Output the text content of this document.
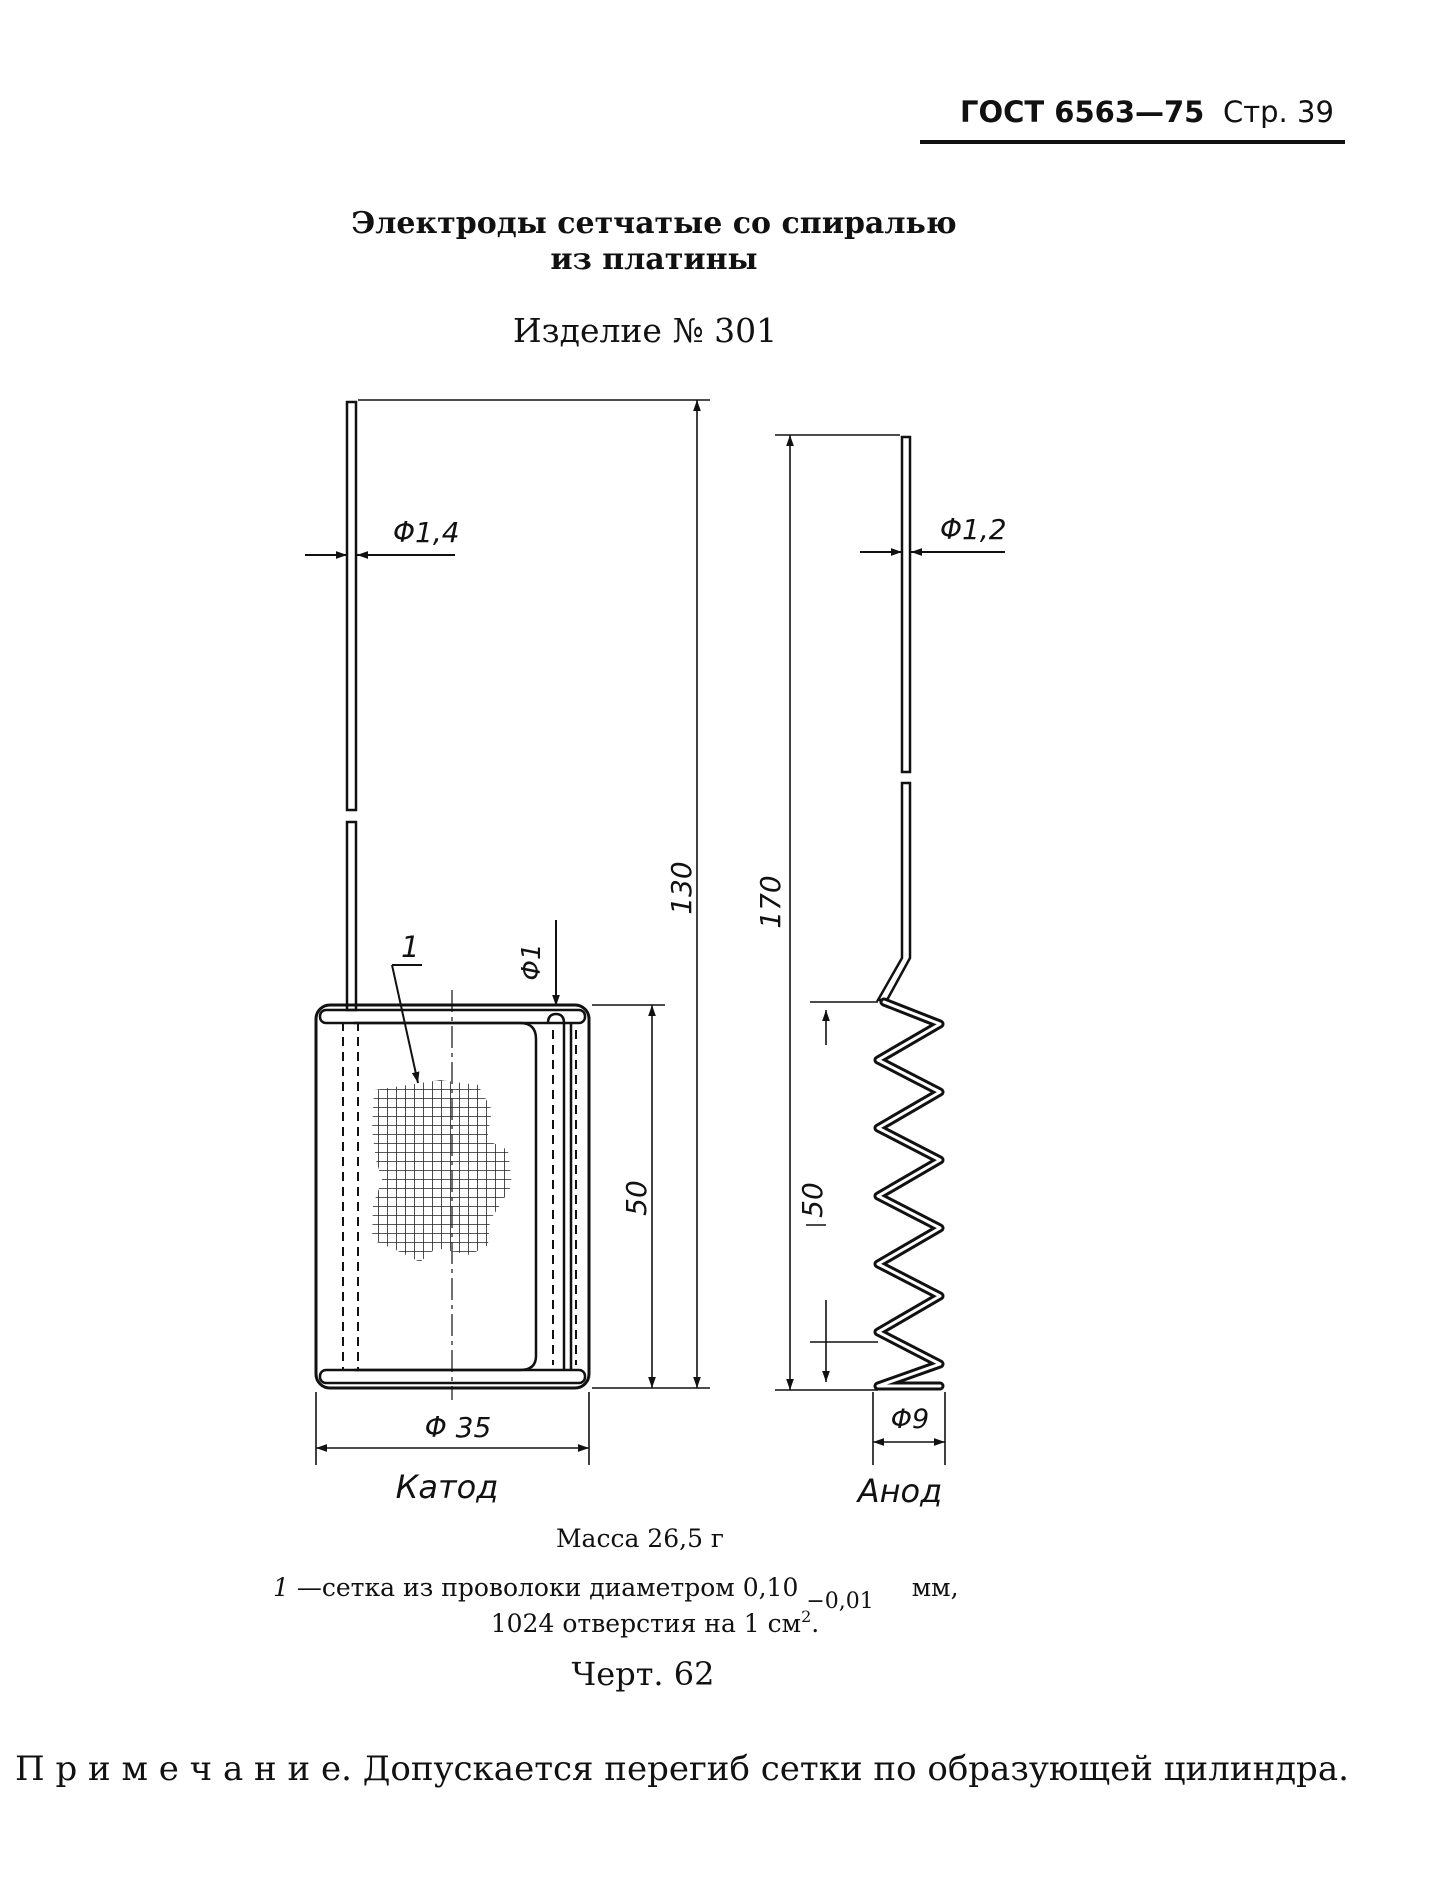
ГОСТ 6563—75 Стр. 39
Электроды сетчатые со спиралью
из платины
Изделие № 301
Φ1,4
1	Φ1
130
50
Φ 35
Катод
Φ1,2
170
50
Φ9
Анод
Масса 26,5 г
1 —сетка из проволоки диаметром 0,10 −0,01 мм,
1024 отверстия на 1 $см^2$.
Черт. 62
П р и м е ч а н и е. Допускается перегиб сетки по образующей цилиндра.
